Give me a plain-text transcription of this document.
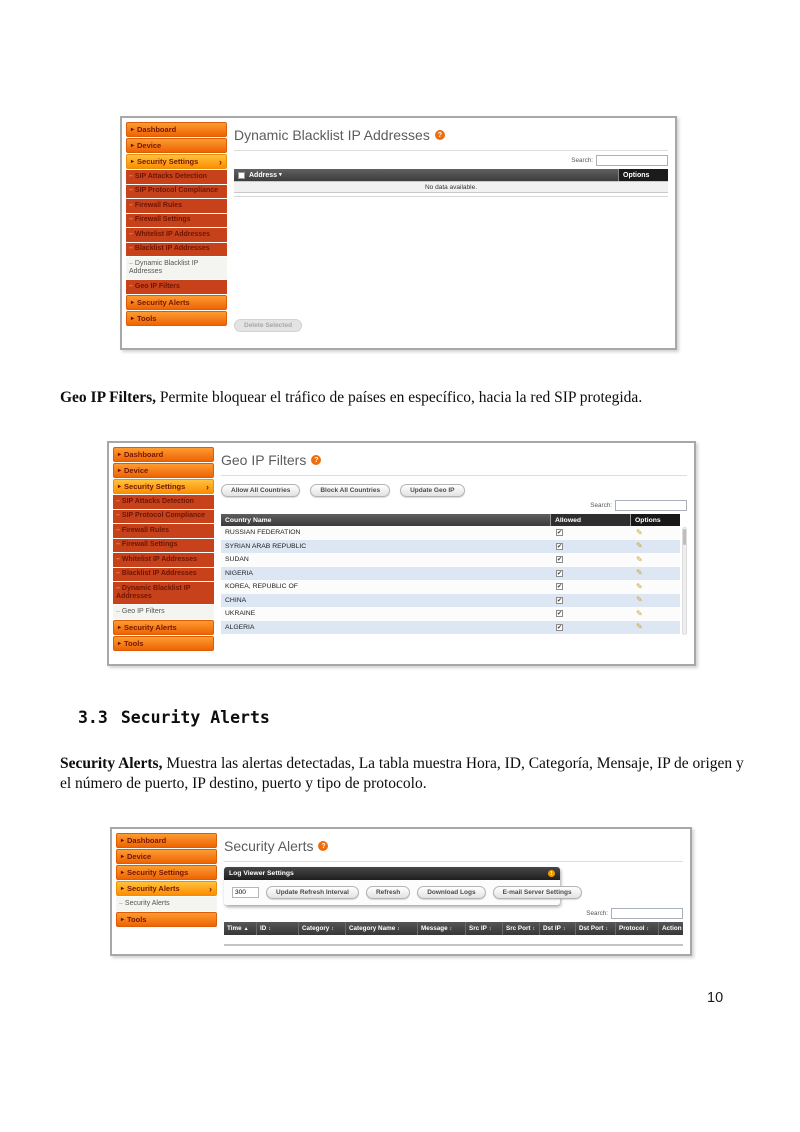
▸ Dashboard
▸ Device
▸ Security Settings ›
– SIP Attacks Detection
– SIP Protocol Compliance
– Firewall Rules
– Firewall Settings
– Whitelist IP Addresses
– Blacklist IP Addresses
– Dynamic Blacklist IP Addresses
– Geo IP Filters
▸ Security Alerts
▸ Tools
Dynamic Blacklist IP Addresses	?
Search:
Address ▾	Options
No data available.
Delete Selected

Geo IP Filters, Permite bloquear el tráfico de países en específico, hacia la red SIP protegida.

▸ Dashboard
▸ Device
▸ Security Settings ›
– SIP Attacks Detection
– SIP Protocol Compliance
– Firewall Rules
– Firewall Settings
– Whitelist IP Addresses
– Blacklist IP Addresses
– Dynamic Blacklist IP Addresses
– Geo IP Filters
▸ Security Alerts
▸ Tools
Geo IP Filters	?
Allow All Countries	Block All Countries	Update Geo IP
Search:
Country Name	Allowed	Options
RUSSIAN FEDERATION	✔	✎
SYRIAN ARAB REPUBLIC	✔	✎
SUDAN	✔	✎
NIGERIA	✔	✎
KOREA, REPUBLIC OF	✔	✎
CHINA	✔	✎
UKRAINE	✔	✎
ALGERIA	✔	✎
3.3 Security Alerts

Security Alerts, Muestra las alertas detectadas, La tabla muestra Hora, ID, Categoría, Mensaje, IP de origen y el número de puerto, IP destino, puerto y tipo de protocolo.

▸ Dashboard
▸ Device
▸ Security Settings
▸ Security Alerts	›
– Security Alerts
▸ Tools
Security Alerts	?
Log Viewer Settings	!
300
Update Refresh Interval	Refresh	Download Logs	E-mail Server Settings
Search:
Time ▲ ID ↕	Category ↕ Category Name ↕	Message ↕	Src IP ↕ Src Port ↕ Dst IP ↕ Dst Port ↕ Protocol ↕ Action ↕
10
